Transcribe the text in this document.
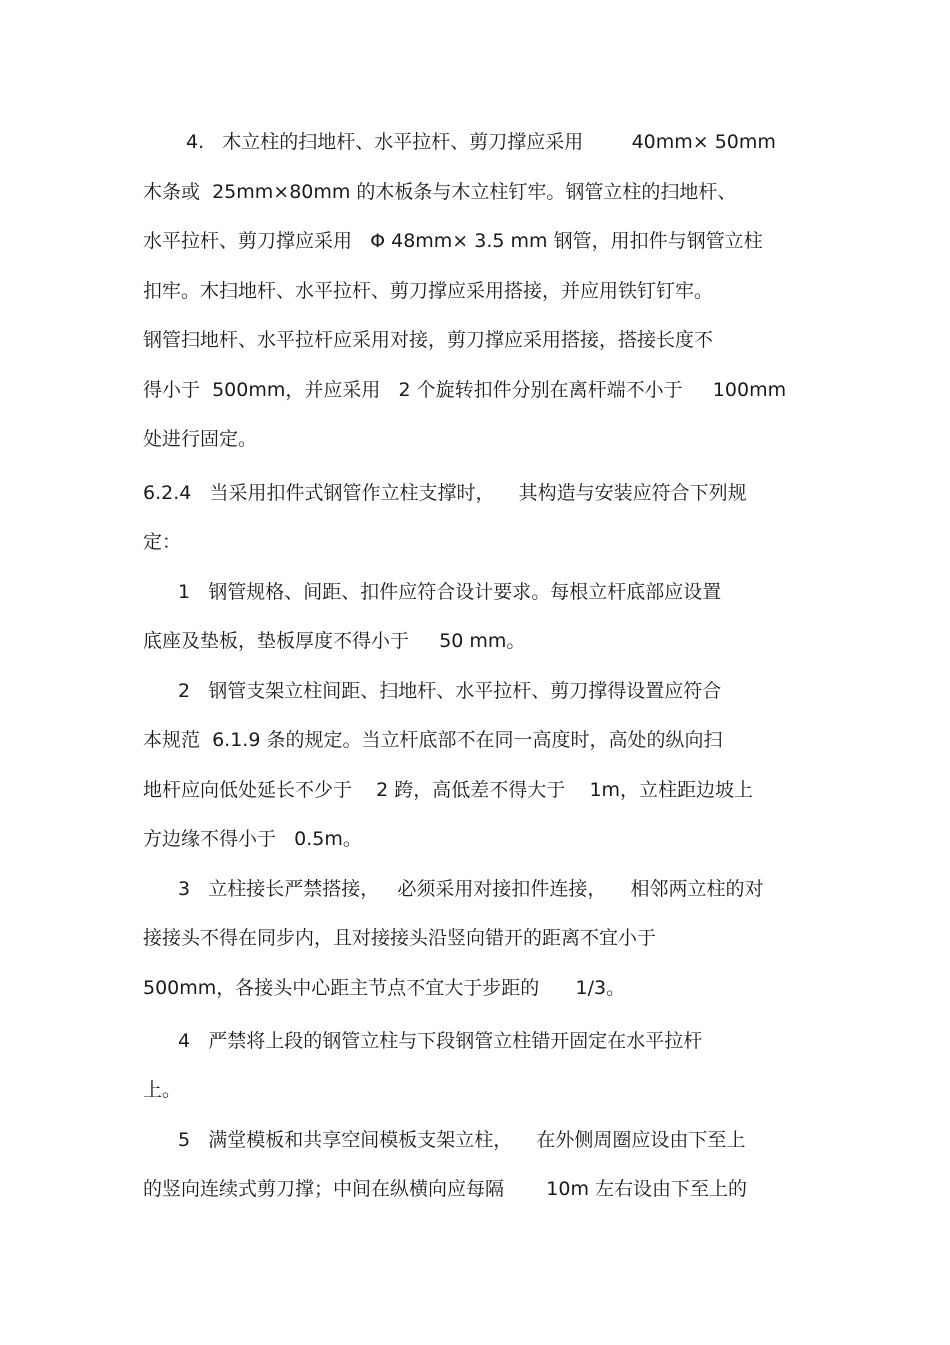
4.   木立柱的扫地杆、水平拉杆、剪刀撑应采用        40mm× 50mm
木条或  25mm×80mm 的木板条与木立柱钉牢。钢管立柱的扫地杆、
水平拉杆、剪刀撑应采用   Φ 48mm× 3.5 mm 钢管，用扣件与钢管立柱
扣牢。木扫地杆、水平拉杆、剪刀撑应采用搭接，并应用铁钉钉牢。
钢管扫地杆、水平拉杆应采用对接，剪刀撑应采用搭接，搭接长度不
得小于  500mm，并应采用   2 个旋转扣件分别在离杆端不小于     100mm
处进行固定。
6.2.4   当采用扣件式钢管作立柱支撑时，    其构造与安装应符合下列规
定：
1   钢管规格、间距、扣件应符合设计要求。每根立杆底部应设置
底座及垫板，垫板厚度不得小于     50 mm。
2   钢管支架立柱间距、扫地杆、水平拉杆、剪刀撑得设置应符合
本规范  6.1.9 条的规定。当立杆底部不在同一高度时，高处的纵向扫
地杆应向低处延长不少于    2 跨，高低差不得大于    1m，立柱距边坡上
方边缘不得小于   0.5m。
3   立柱接长严禁搭接，   必须采用对接扣件连接，    相邻两立柱的对
接接头不得在同步内，且对接接头沿竖向错开的距离不宜小于
500mm，各接头中心距主节点不宜大于步距的      1/3。
4   严禁将上段的钢管立柱与下段钢管立柱错开固定在水平拉杆
上。
5   满堂模板和共享空间模板支架立柱，    在外侧周圈应设由下至上
的竖向连续式剪刀撑；中间在纵横向应每隔       10m 左右设由下至上的
